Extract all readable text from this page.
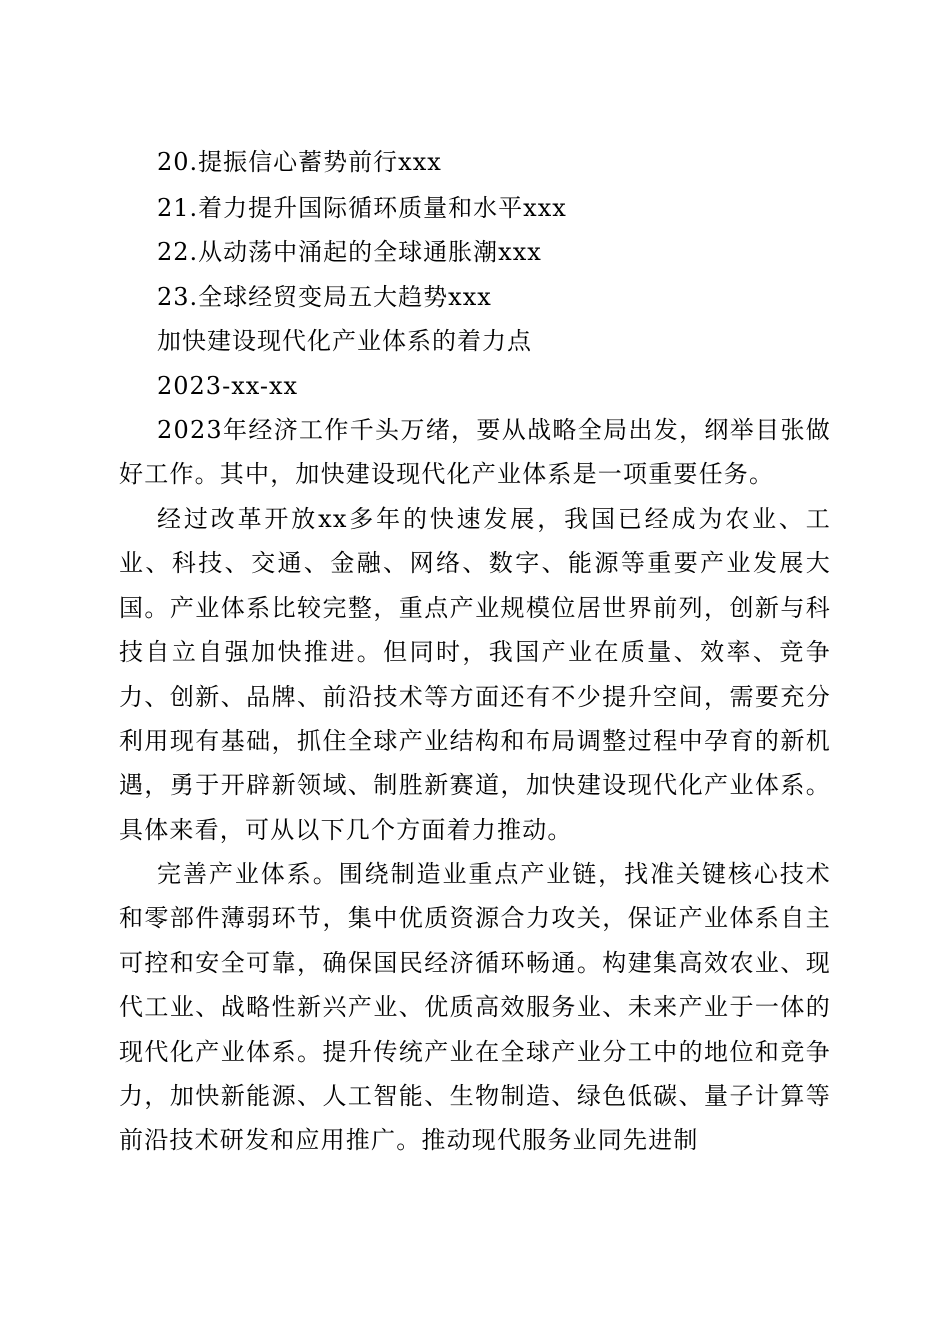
20.提振信心蓄势前行xxx
21.着力提升国际循环质量和水平xxx
22.从动荡中涌起的全球通胀潮xxx
23.全球经贸变局五大趋势xxx
加快建设现代化产业体系的着力点
2023-xx-xx

2023年经济工作千头万绪，要从战略全局出发，纲举目张做好工作。其中，加快建设现代化产业体系是一项重要任务。

经过改革开放xx多年的快速发展，我国已经成为农业、工业、科技、交通、金融、网络、数字、能源等重要产业发展大国。产业体系比较完整，重点产业规模位居世界前列，创新与科技自立自强加快推进。但同时，我国产业在质量、效率、竞争力、创新、品牌、前沿技术等方面还有不少提升空间，需要充分利用现有基础，抓住全球产业结构和布局调整过程中孕育的新机遇，勇于开辟新领域、制胜新赛道，加快建设现代化产业体系。具体来看，可从以下几个方面着力推动。

完善产业体系。围绕制造业重点产业链，找准关键核心技术和零部件薄弱环节，集中优质资源合力攻关，保证产业体系自主可控和安全可靠，确保国民经济循环畅通。构建集高效农业、现代工业、战略性新兴产业、优质高效服务业、未来产业于一体的现代化产业体系。提升传统产业在全球产业分工中的地位和竞争力，加快新能源、人工智能、生物制造、绿色低碳、量子计算等前沿技术研发和应用推广。推动现代服务业同先进制
